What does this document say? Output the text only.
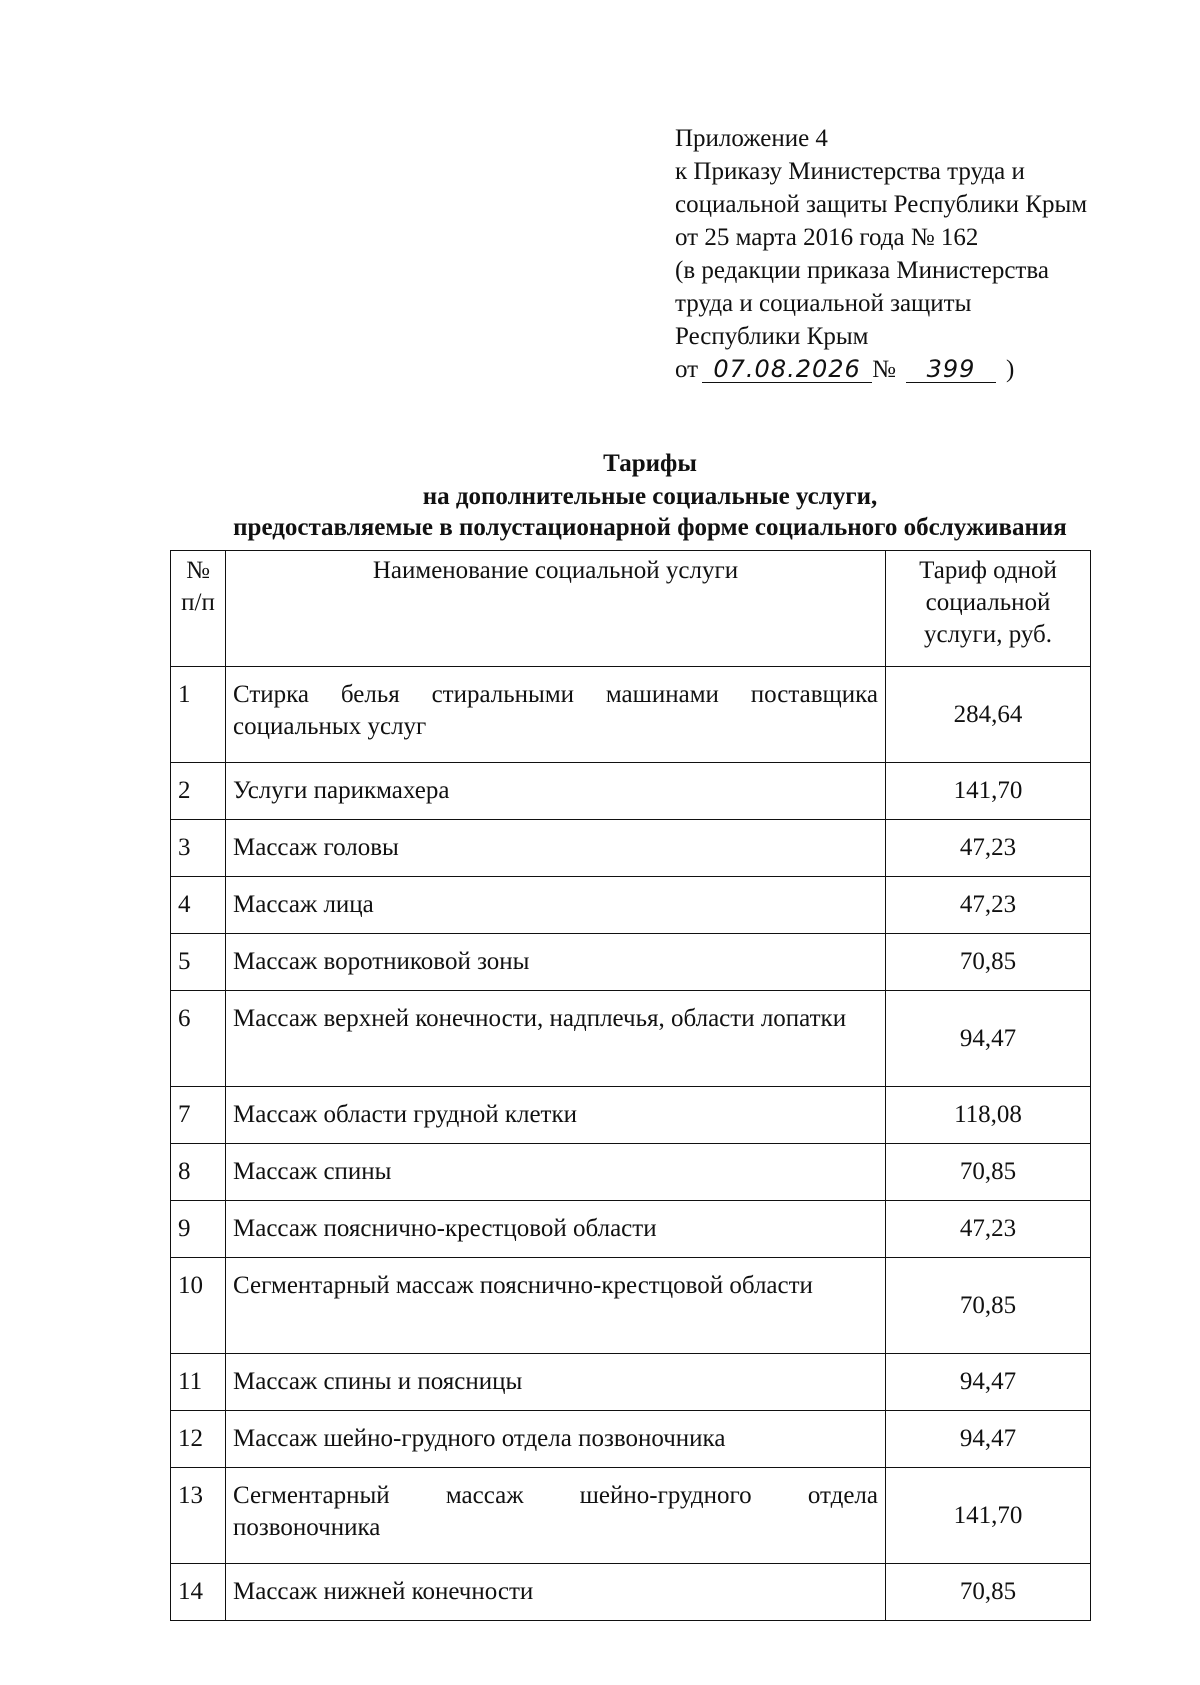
Приложение 4
к Приказу Министерства труда и
социальной защиты Республики Крым
от 25 марта 2016 года № 162
(в редакции приказа Министерства
труда и социальной защиты
Республики Крым
от 07.08.2026 № 399 )
Тарифы
на дополнительные социальные услуги,
предоставляемые в полустационарной форме социального обслуживания
№ п/п	Наименование социальной услуги	Тариф одной социальной услуги, руб.
1	Стирка белья стиральными машинами поставщика социальных услуг	284,64
2	Услуги парикмахера	141,70
3	Массаж головы	47,23
4	Массаж лица	47,23
5	Массаж воротниковой зоны	70,85
6	Массаж верхней конечности, надплечья, области лопатки	94,47
7	Массаж области грудной клетки	118,08
8	Массаж спины	70,85
9	Массаж пояснично-крестцовой области	47,23
10	Сегментарный массаж пояснично-крестцовой области	70,85
11	Массаж спины и поясницы	94,47
12	Массаж шейно-грудного отдела позвоночника	94,47
13	Сегментарный массаж шейно-грудного отдела позвоночника	141,70
14	Массаж нижней конечности	70,85
